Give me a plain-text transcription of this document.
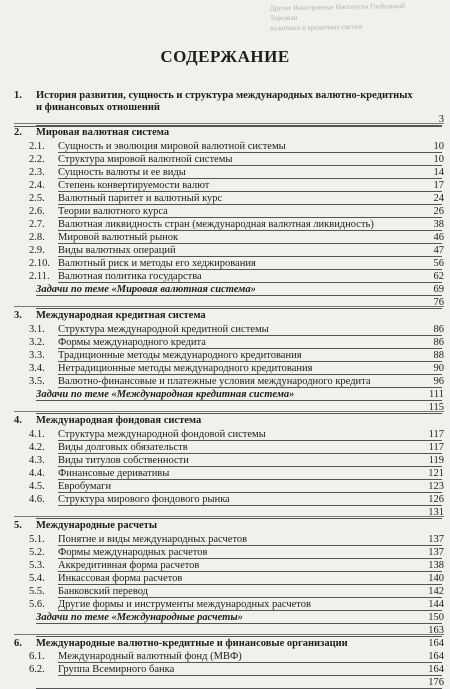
Другие Иностранные Институты Глобальной Торговли
валютных и кредитных систем
СОДЕРЖАНИЕ
1. История развития, сущность и структура международных валютно-кредитных
и финансовых отношений
3
2. Мировая валютная система
2.1. Сущность и эволюция мировой валютной системы	10
2.2. Структура мировой валютной системы	10
2.3. Сущность валюты и ее виды	14
2.4. Степень конвертируемости валют	17
2.5. Валютный паритет и валютный курс	24
2.6. Теории валютного курса	26
2.7. Валютная ликвидность стран (международная валютная ликвидность)	38
2.8. Мировой валютный рынок	46
2.9. Виды валютных операций	47
2.10. Валютный риск и методы его хеджирования	56
2.11. Валютная политика государства	62
Задачи по теме «Мировая валютная система»	69
76
3. Международная кредитная система
3.1. Структура международной кредитной системы	86
3.2. Формы международного кредита	86
3.3. Традиционные методы международного кредитования	88
3.4. Нетрадиционные методы международного кредитования	90
3.5. Валютно-финансовые и платежные условия международного кредита	96
Задачи по теме «Международная кредитная система»	111
115
4. Международная фондовая система
4.1. Структура международной фондовой системы	117
4.2. Виды долговых обязательств	117
4.3. Виды титулов собственности	119
4.4. Финансовые деривативы	121
4.5. Евробумаги	123
4.6. Структура мирового фондового рынка	126
131
5. Международные расчеты
5.1. Понятие и виды международных расчетов	137
5.2. Формы международных расчетов	137
5.3. Аккредитивная форма расчетов	138
5.4. Инкассовая форма расчетов	140
5.5. Банковский перевод	142
5.6. Другие формы и инструменты международных расчетов	144
Задачи по теме «Международные расчеты»	150
163
6. Международные валютно-кредитные и финансовые организации	164
6.1. Международный валютный фонд (МВФ)	164
6.2. Группа Всемирного банка	164
176
